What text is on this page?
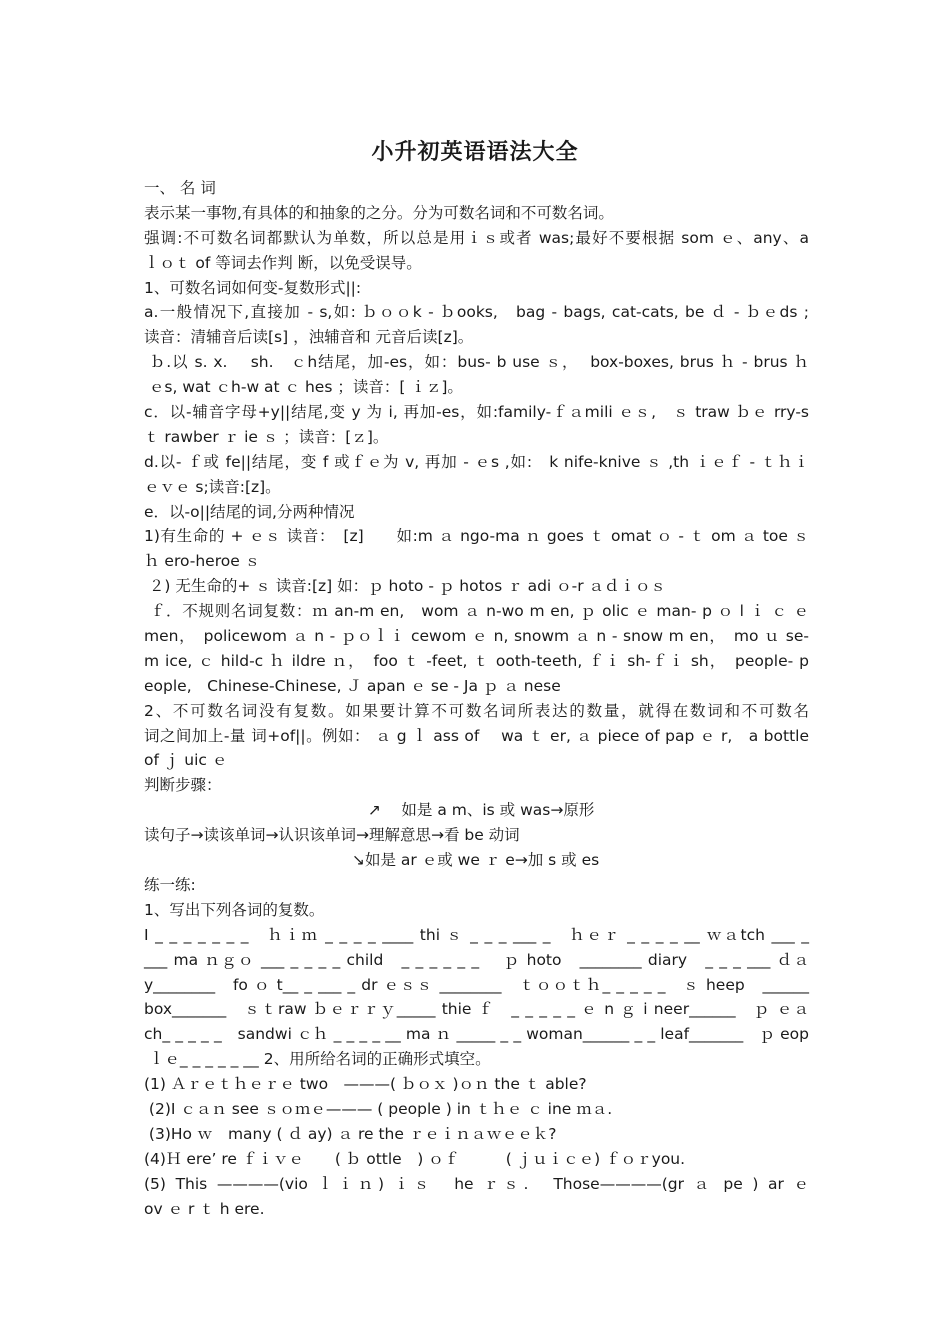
小升初英语语法大全
一、 名 词
表示某一事物,有具体的和抽象的之分。分为可数名词和不可数名词。
强调:不可数名词都默认为单数，所以总是用ｉｓ或者 was;最好不要根据 som ｅ、any、a
ｌｏｔ of 等词去作判 断，以免受误导。
1、可数名词如何变-复数形式||:
a.一般情况下,直接加 - s,如: ｂｏｏk - ｂooks,　bag - bags, cat-cats, be ｄ - ｂｅds ;
读音：清辅音后读[s] ，浊辅音和 元音后读[z]。
ｂ.以 s. x.　 sh.　ｃh结尾，加-es，如：bus- b use ｓ，  box-boxes, brus ｈ - brus ｈ
ｅs, wat ｃh-w at ｃ hes ；读音：[ ｉｚ]。
c．以-辅音字母+y||结尾,变 y 为 i, 再加-es，如:family-ｆａmili ｅｓ,　ｓ traw ｂｅ rry-s
ｔ rawber ｒ ie ｓ ；读音：[ｚ]。
d.以- ｆ或 fe||结尾，变 f 或ｆｅ为 v, 再加 - ｅs ,如:　k nife-knive ｓ ,th ｉｅｆ - ｔｈｉ
ｅｖｅ s;读音:[z]。
e．以-o||结尾的词,分两种情况
1)有生命的 + ｅｓ 读音：　[z]　　如:m ａ ngo-ma ｎ goes ｔ omat ｏ - ｔ om ａ toe ｓ
ｈ ero-heroe ｓ
２) 无生命的+ ｓ 读音:[z] 如：ｐ hoto - ｐ hotos ｒ adi ｏ-r ａｄｉｏｓ
ｆ．不规则名词复数：ｍ an-m en,　wom ａ n-wo m en, ｐ olic ｅ man- p ｏ l ｉ ｃ ｅ
men，　policewom ａ n - ｐｏｌｉ cewom ｅ n, snowm ａ n - snow m en，　mo ｕ se-
m ice, ｃ hild-c ｈ ildre ｎ，　foo ｔ -feet, ｔ ooth-teeth, ｆｉ sh-ｆｉ sh，　people- p
eople,　Chinese-Chinese, Ｊ apan ｅ se - Ja ｐ ａ nese
2、不可数名词没有复数。如果要计算不可数名词所表达的数量，就得在数词和不可数名
词之间加上-量 词+of||。例如： ａ g ｌ ass of　 wa ｔ er, ａ piece of pap ｅ r,　a bottle
of ｊ uic ｅ
判断步骤：
↗　 如是 a m、is 或 was→原形
读句子→读该单词→认识该单词→理解意思→看 be 动词
↘如是 ar ｅ或 we ｒ e→加 s 或 es
练一练:
1、写出下列各词的复数。
I _ _ _ _ _ _ _　ｈｉｍ _ _ _ _ ____ thi ｓ _ _ _ ___ _　ｈｅｒ _ _ _ _ __ ｗａtch ___ _
___ ma ｎｇｏ ___ _ _ _ _ child　_ _ _ _ _ _　 ｐ hoto　________ diary　_ _ _ ___ ｄａ
y________　fo ｏ t__ _ ___ _ dr ｅｓｓ ________　ｔｏｏｔｈ_ _ _ _ _　ｓ heep　______
box_______　ｓｔraw ｂｅｒｒｙ_____ thie ｆ　_ _ _ _ _ ｅ n ｇ i neer______　ｐ ｅａ
ch_ _ _ _ _　sandwi ｃｈ _ _ _ _ __ ma ｎ _____ _ _ woman______ _ _ leaf_______　ｐ eop
ｌｅ_ _ _ _ _ __ 2、用所给名词的正确形式填空。
(1) Ａｒｅｔｈｅｒｅ two　———( ｂｏｘ )ｏｎ the ｔ able?
(2)I ｃａｎ see ｓｏｍｅ——— ( people ) in ｔｈｅ ｃ ine ｍａ.
(3)Ho ｗ　many ( ｄ ay) ａ re the ｒｅｉｎａｗｅｅｋ?
(4)Ｈ ere’ re ｆｉｖｅ　　( ｂ ottle　) ｏｆ　　　( ｊｕｉｃｅ) ｆｏｒyou.
(5) This ————(vio ｌｉｎ) ｉｓ　he ｒｓ.　Those————(gr ａ pe ) ar ｅ
ov ｅ r ｔ h ere.
